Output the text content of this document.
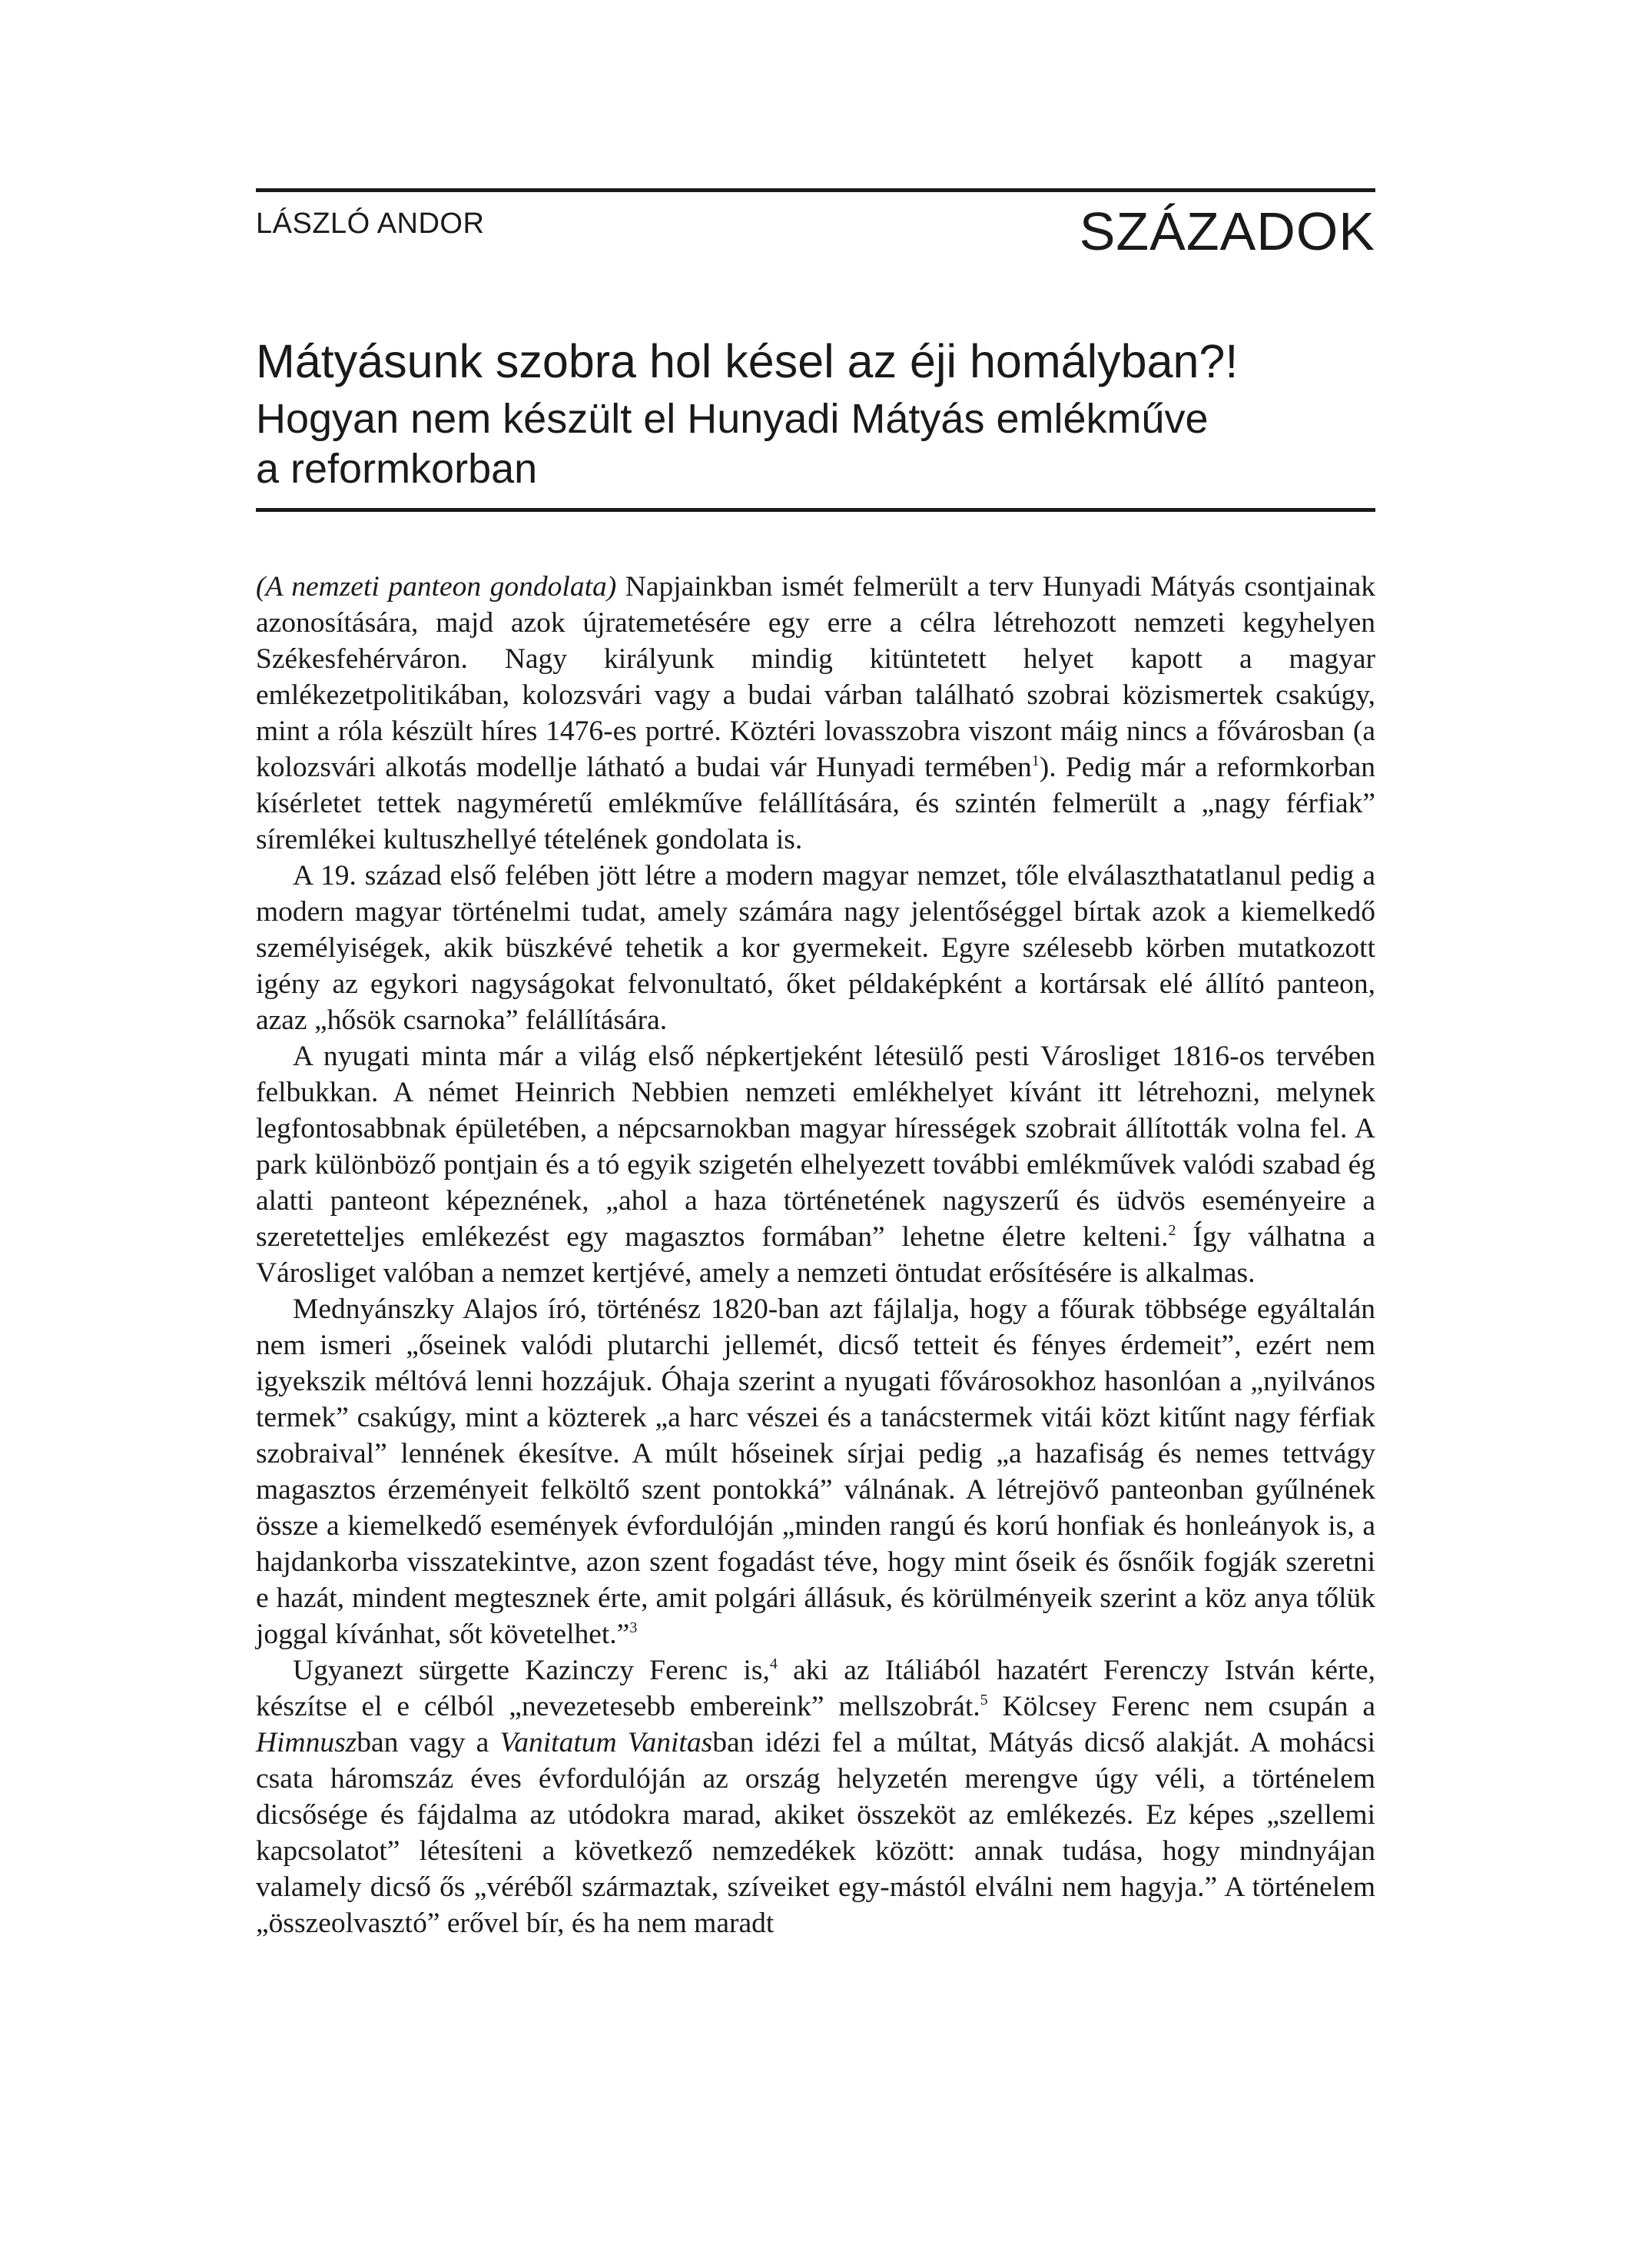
LÁSZLÓ ANDOR	SZÁZADOK
Mátyásunk szobra hol késel az éji homályban?!
Hogyan nem készült el Hunyadi Mátyás emlékműve
a reformkorban

(A nemzeti panteon gondolata) Napjainkban ismét felmerült a terv Hunyadi Mátyás csontjainak azonosítására, majd azok újratemetésére egy erre a célra létrehozott nemzeti kegyhelyen Székesfehérváron. Nagy királyunk mindig kitüntetett helyet kapott a magyar emlékezetpolitikában, kolozsvári vagy a budai várban található szobrai közismertek csakúgy, mint a róla készült híres 1476-es portré. Köztéri lovasszobra viszont máig nincs a fővárosban (a kolozsvári alkotás modellje látható a budai vár Hunyadi termében$^1$). Pedig már a reformkorban kísérletet tettek nagyméretű emlékműve felállítására, és szintén felmerült a „nagy férfiak” síremlékei kultuszhellyé tételének gondolata is.

A 19. század első felében jött létre a modern magyar nemzet, tőle elválaszthatatlanul pedig a modern magyar történelmi tudat, amely számára nagy jelentőséggel bírtak azok a kiemelkedő személyiségek, akik büszkévé tehetik a kor gyermekeit. Egyre szélesebb körben mutatkozott igény az egykori nagyságokat felvonultató, őket példaképként a kortársak elé állító panteon, azaz „hősök csarnoka” felállítására.

A nyugati minta már a világ első népkertjeként létesülő pesti Városliget 1816-os tervében felbukkan. A német Heinrich Nebbien nemzeti emlékhelyet kívánt itt létrehozni, melynek legfontosabbnak épületében, a népcsarnokban magyar hírességek szobrait állították volna fel. A park különböző pontjain és a tó egyik szigetén elhelyezett további emlékművek valódi szabad ég alatti panteont képeznének, „ahol a haza történetének nagyszerű és üdvös eseményeire a szeretetteljes emlékezést egy magasztos formában” lehetne életre kelteni.$^2$ Így válhatna a Városliget valóban a nemzet kertjévé, amely a nemzeti öntudat erősítésére is alkalmas.

Mednyánszky Alajos író, történész 1820-ban azt fájlalja, hogy a főurak többsége egyáltalán nem ismeri „őseinek valódi plutarchi jellemét, dicső tetteit és fényes érdemeit”, ezért nem igyekszik méltóvá lenni hozzájuk. Óhaja szerint a nyugati fővárosokhoz hasonlóan a „nyilvános termek” csakúgy, mint a közterek „a harc vészei és a tanácstermek vitái közt kitűnt nagy férfiak szobraival” lennének ékesítve. A múlt hőseinek sírjai pedig „a hazafiság és nemes tettvágy magasztos érzeményeit felköltő szent pontokká” válnának. A létrejövő panteonban gyűlnének össze a kiemelkedő események évfordulóján „minden rangú és korú honfiak és honleányok is, a hajdankorba visszatekintve, azon szent fogadást téve, hogy mint őseik és ősnőik fogják szeretni e hazát, mindent megtesznek érte, amit polgári állásuk, és körülményeik szerint a köz anya tőlük joggal kívánhat, sőt követelhet.”$^3$

Ugyanezt sürgette Kazinczy Ferenc is,$^4$ aki az Itáliából hazatért Ferenczy István kérte, készítse el e célból „nevezetesebb embereink” mellszobrát.$^5$ Kölcsey Ferenc nem csupán a Himnuszban vagy a Vanitatum Vanitasban idézi fel a múltat, Mátyás dicső alakját. A mohácsi csata háromszáz éves évfordulóján az ország helyzetén merengve úgy véli, a történelem dicsősége és fájdalma az utódokra marad, akiket összeköt az emlékezés. Ez képes „szellemi kapcsolatot” létesíteni a következő nemzedékek között: annak tudása, hogy mindnyájan valamely dicső ős „véréből származtak, szíveiket egy-mástól elválni nem hagyja.” A történelem „összeolvasztó” erővel bír, és ha nem maradt
